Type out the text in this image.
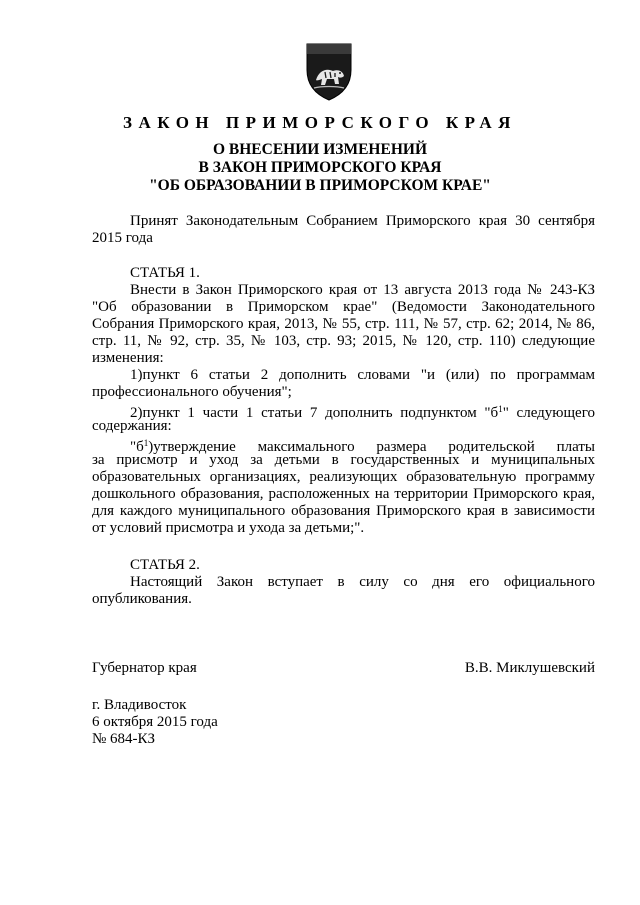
ЗАКОН ПРИМОРСКОГО КРАЯ
О ВНЕСЕНИИ ИЗМЕНЕНИЙ
В ЗАКОН ПРИМОРСКОГО КРАЯ
"ОБ ОБРАЗОВАНИИ В ПРИМОРСКОМ КРАЕ"
Принят Законодательным Собранием Приморского края 30 сентября
2015 года
СТАТЬЯ 1.
Внести в Закон Приморского края от 13 августа 2013 года № 243-КЗ
"Об образовании в Приморском крае" (Ведомости Законодательного
Собрания Приморского края, 2013, № 55, стр. 111, № 57, стр. 62; 2014, № 86,
стр. 11, № 92, стр. 35, № 103, стр. 93; 2015, № 120, стр. 110) следующие
изменения:
1)пункт 6 статьи 2 дополнить словами "и (или) по программам
профессионального обучения";
2)пункт 1 части 1 статьи 7 дополнить подпунктом "$б^1$" следующего
содержания:
"$б^1)утверждение$ максимального размера родительской платы
за присмотр и уход за детьми в государственных и муниципальных
образовательных организациях, реализующих образовательную программу
дошкольного образования, расположенных на территории Приморского края,
для каждого муниципального образования Приморского края в зависимости
от условий присмотра и ухода за детьми;".
СТАТЬЯ 2.
Настоящий Закон вступает в силу со дня его официального
опубликования.
Губернатор края	В.В. Миклушевский
г. Владивосток
6 октября 2015 года
№ 684-КЗ
